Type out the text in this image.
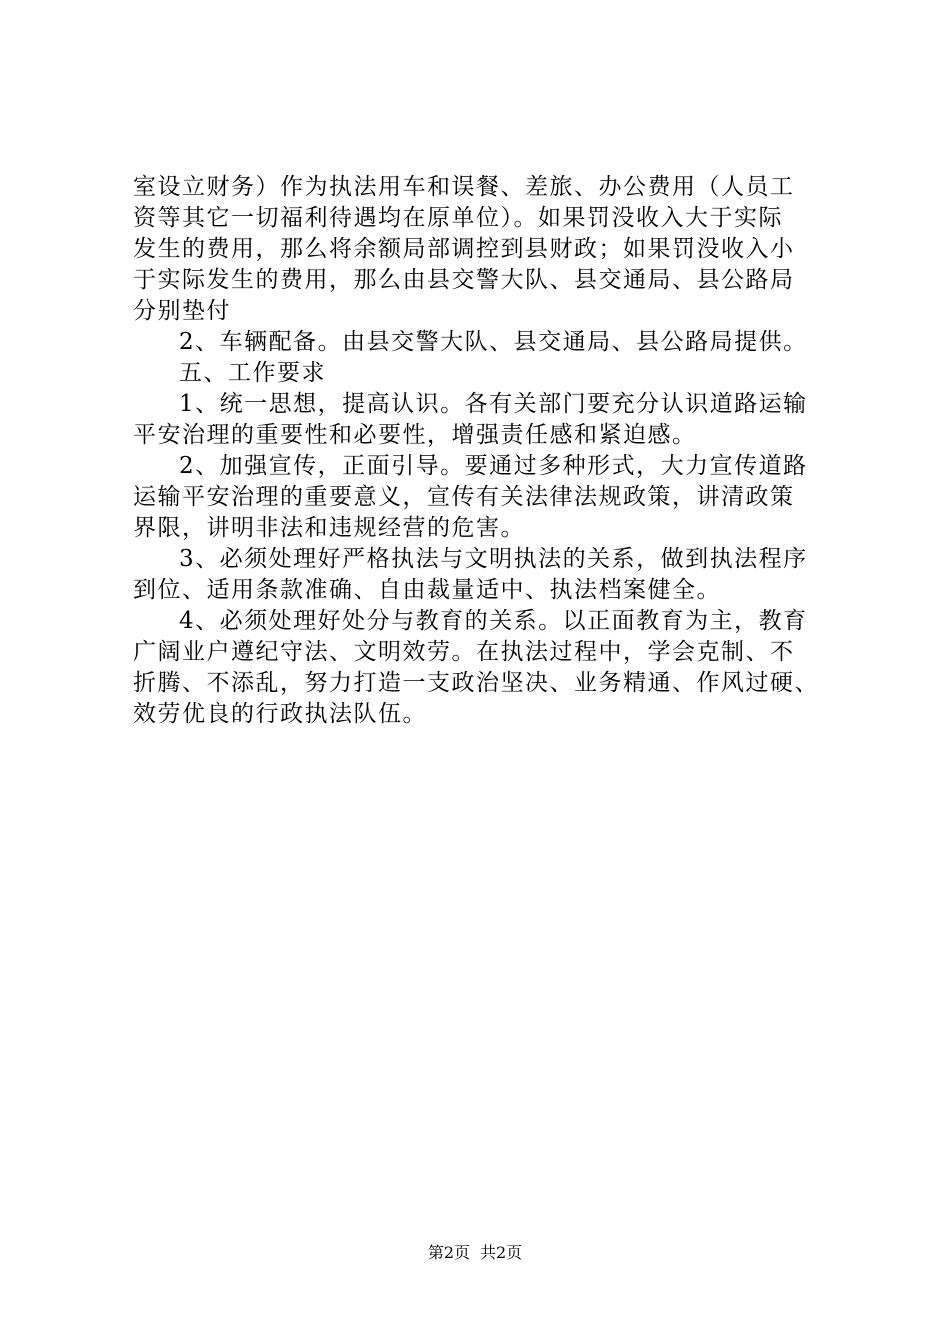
室设立财务）作为执法用车和误餐、差旅、办公费用（人员工
资等其它一切福利待遇均在原单位）。如果罚没收入大于实际
发生的费用，那么将余额局部调控到县财政；如果罚没收入小
于实际发生的费用，那么由县交警大队、县交通局、县公路局
分别垫付
2、车辆配备。由县交警大队、县交通局、县公路局提供。
五、工作要求
1、统一思想，提高认识。各有关部门要充分认识道路运输
平安治理的重要性和必要性，增强责任感和紧迫感。
2、加强宣传，正面引导。要通过多种形式，大力宣传道路
运输平安治理的重要意义，宣传有关法律法规政策，讲清政策
界限，讲明非法和违规经营的危害。
3、必须处理好严格执法与文明执法的关系，做到执法程序
到位、适用条款准确、自由裁量适中、执法档案健全。
4、必须处理好处分与教育的关系。以正面教育为主，教育
广阔业户遵纪守法、文明效劳。在执法过程中，学会克制、不
折腾、不添乱，努力打造一支政治坚决、业务精通、作风过硬、
效劳优良的行政执法队伍。
第2页 共2页
